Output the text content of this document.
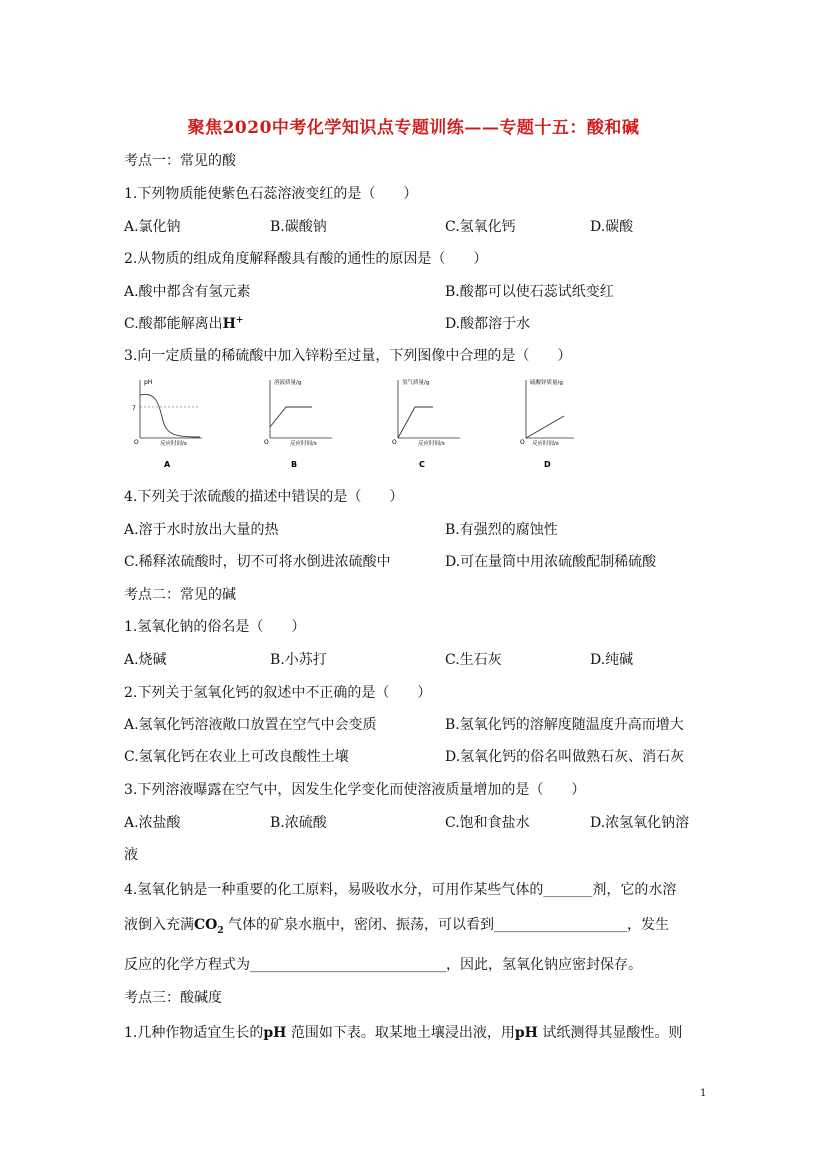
聚焦2020中考化学知识点专题训练——专题十五：酸和碱
考点一：常见的酸
1.下列物质能使紫色石蕊溶液变红的是（　　）
A.氯化钠	B.碳酸钠	C.氢氧化钙	D.碳酸
2.从物质的组成角度解释酸具有酸的通性的原因是（　　）
A.酸中都含有氢元素	B.酸都可以使石蕊试纸变红
C.酸都能解离出H+	D.酸都溶于水
3.向一定质量的稀硫酸中加入锌粉至过量，下列图像中合理的是（　　）
pH
7
O	反应时间/s
A
溶液质量/g
O	反应时间/s
B
氢气质量/g
O	反应时间/s
C
硫酸锌质量/g
O 反应时间/s
D
4.下列关于浓硫酸的描述中错误的是（　　）
A.溶于水时放出大量的热	B.有强烈的腐蚀性
C.稀释浓硫酸时，切不可将水倒进浓硫酸中	D.可在量筒中用浓硫酸配制稀硫酸
考点二：常见的碱
1.氢氧化钠的俗名是（　　）
A.烧碱	B.小苏打	C.生石灰	D.纯碱
2.下列关于氢氧化钙的叙述中不正确的是（　　）
A.氢氧化钙溶液敞口放置在空气中会变质	B.氢氧化钙的溶解度随温度升高而增大
C.氢氧化钙在农业上可改良酸性土壤	D.氢氧化钙的俗名叫做熟石灰、消石灰
3.下列溶液曝露在空气中，因发生化学变化而使溶液质量增加的是（　　）
A.浓盐酸	B.浓硫酸	C.饱和食盐水	D.浓氢氧化钠溶
液
4.氢氧化钠是一种重要的化工原料，易吸收水分，可用作某些气体的_______剂，它的水溶
液倒入充满$CO_2$ 气体的矿泉水瓶中，密闭、振荡，可以看到___________________，发生
反应的化学方程式为____________________________，因此，氢氧化钠应密封保存。
考点三：酸碱度
1.几种作物适宜生长的pH 范围如下表。取某地土壤浸出液，用pH 试纸测得其显酸性。则
1
